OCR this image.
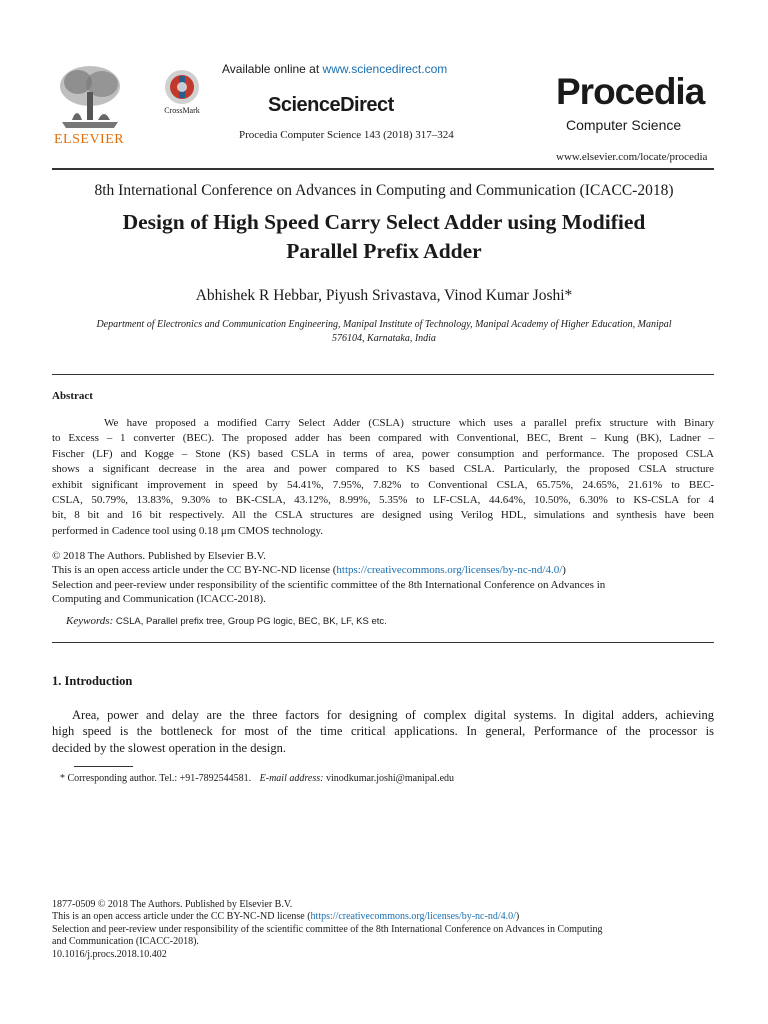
ELSEVIER
CrossMark
Available online at www.sciencedirect.com
ScienceDirect
Procedia Computer Science 143 (2018) 317–324
Procedia
Computer Science
www.elsevier.com/locate/procedia
8th International Conference on Advances in Computing and Communication (ICACC-2018)
Design of High Speed Carry Select Adder using Modified
Parallel Prefix Adder
Abhishek R Hebbar, Piyush Srivastava, Vinod Kumar Joshi*
Department of Electronics and Communication Engineering, Manipal Institute of Technology, Manipal Academy of Higher Education, Manipal
576104, Karnataka, India
Abstract
We have proposed a modified Carry Select Adder (CSLA) structure which uses a parallel prefix structure with Binary
to Excess – 1 converter (BEC). The proposed adder has been compared with Conventional, BEC, Brent – Kung (BK), Ladner –
Fischer (LF) and Kogge – Stone (KS) based CSLA in terms of area, power consumption and performance. The proposed CSLA
shows a significant decrease in the area and power compared to KS based CSLA. Particularly, the proposed CSLA structure
exhibit significant improvement in speed by 54.41%, 7.95%, 7.82% to Conventional CSLA, 65.75%, 24.65%, 21.61% to BEC-
CSLA, 50.79%, 13.83%, 9.30% to BK-CSLA, 43.12%, 8.99%, 5.35% to LF-CSLA, 44.64%, 10.50%, 6.30% to KS-CSLA for 4
bit, 8 bit and 16 bit respectively. All the CSLA structures are designed using Verilog HDL, simulations and synthesis have been
performed in Cadence tool using 0.18 μm CMOS technology.
© 2018 The Authors. Published by Elsevier B.V.
This is an open access article under the CC BY-NC-ND license (https://creativecommons.org/licenses/by-nc-nd/4.0/)
Selection and peer-review under responsibility of the scientific committee of the 8th International Conference on Advances in
Computing and Communication (ICACC-2018).
Keywords: CSLA, Parallel prefix tree, Group PG logic, BEC, BK, LF, KS etc.
1. Introduction
Area, power and delay are the three factors for designing of complex digital systems. In digital adders, achieving
high speed is the bottleneck for most of the time critical applications. In general, Performance of the processor is
decided by the slowest operation in the design.
* Corresponding author. Tel.: +91-7892544581. E-mail address: vinodkumar.joshi@manipal.edu
1877-0509 © 2018 The Authors. Published by Elsevier B.V.
This is an open access article under the CC BY-NC-ND license (https://creativecommons.org/licenses/by-nc-nd/4.0/)
Selection and peer-review under responsibility of the scientific committee of the 8th International Conference on Advances in Computing
and Communication (ICACC-2018).
10.1016/j.procs.2018.10.402
